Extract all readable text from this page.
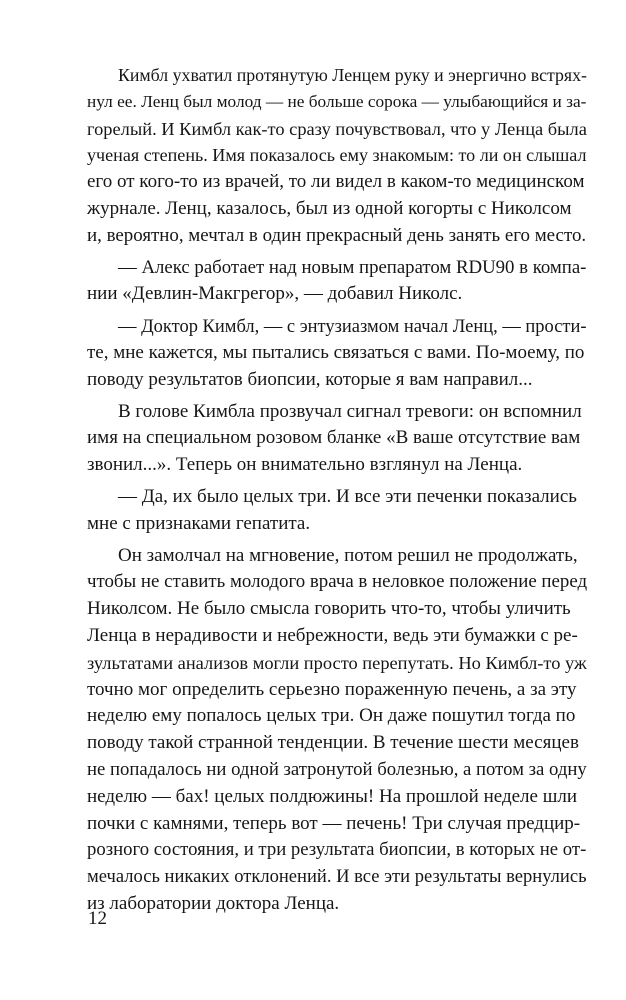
Кимбл ухватил протянутую Ленцем руку и энергично встрях-
нул ее. Ленц был молод — не больше сорока — улыбающийся и за-
горелый. И Кимбл как-то сразу почувствовал, что у Ленца была
ученая степень. Имя показалось ему знакомым: то ли он слышал
его от кого-то из врачей, то ли видел в каком-то медицинском
журнале. Ленц, казалось, был из одной когорты с Николсом
и, вероятно, мечтал в один прекрасный день занять его место.
— Алекс работает над новым препаратом RDU90 в компа-
нии «Девлин-Макгрегор», — добавил Николс.
— Доктор Кимбл, — с энтузиазмом начал Ленц, — прости-
те, мне кажется, мы пытались связаться с вами. По-моему, по
поводу результатов биопсии, которые я вам направил...
В голове Кимбла прозвучал сигнал тревоги: он вспомнил
имя на специальном розовом бланке «В ваше отсутствие вам
звонил...». Теперь он внимательно взглянул на Ленца.
— Да, их было целых три. И все эти печенки показались
мне с признаками гепатита.
Он замолчал на мгновение, потом решил не продолжать,
чтобы не ставить молодого врача в неловкое положение перед
Николсом. Не было смысла говорить что-то, чтобы уличить
Ленца в нерадивости и небрежности, ведь эти бумажки с ре-
зультатами анализов могли просто перепутать. Но Кимбл-то уж
точно мог определить серьезно пораженную печень, а за эту
неделю ему попалось целых три. Он даже пошутил тогда по
поводу такой странной тенденции. В течение шести месяцев
не попадалось ни одной затронутой болезнью, а потом за одну
неделю — бах! целых полдюжины! На прошлой неделе шли
почки с камнями, теперь вот — печень! Три случая предцир-
розного состояния, и три результата биопсии, в которых не от-
мечалось никаких отклонений. И все эти результаты вернулись
из лаборатории доктора Ленца.
12
